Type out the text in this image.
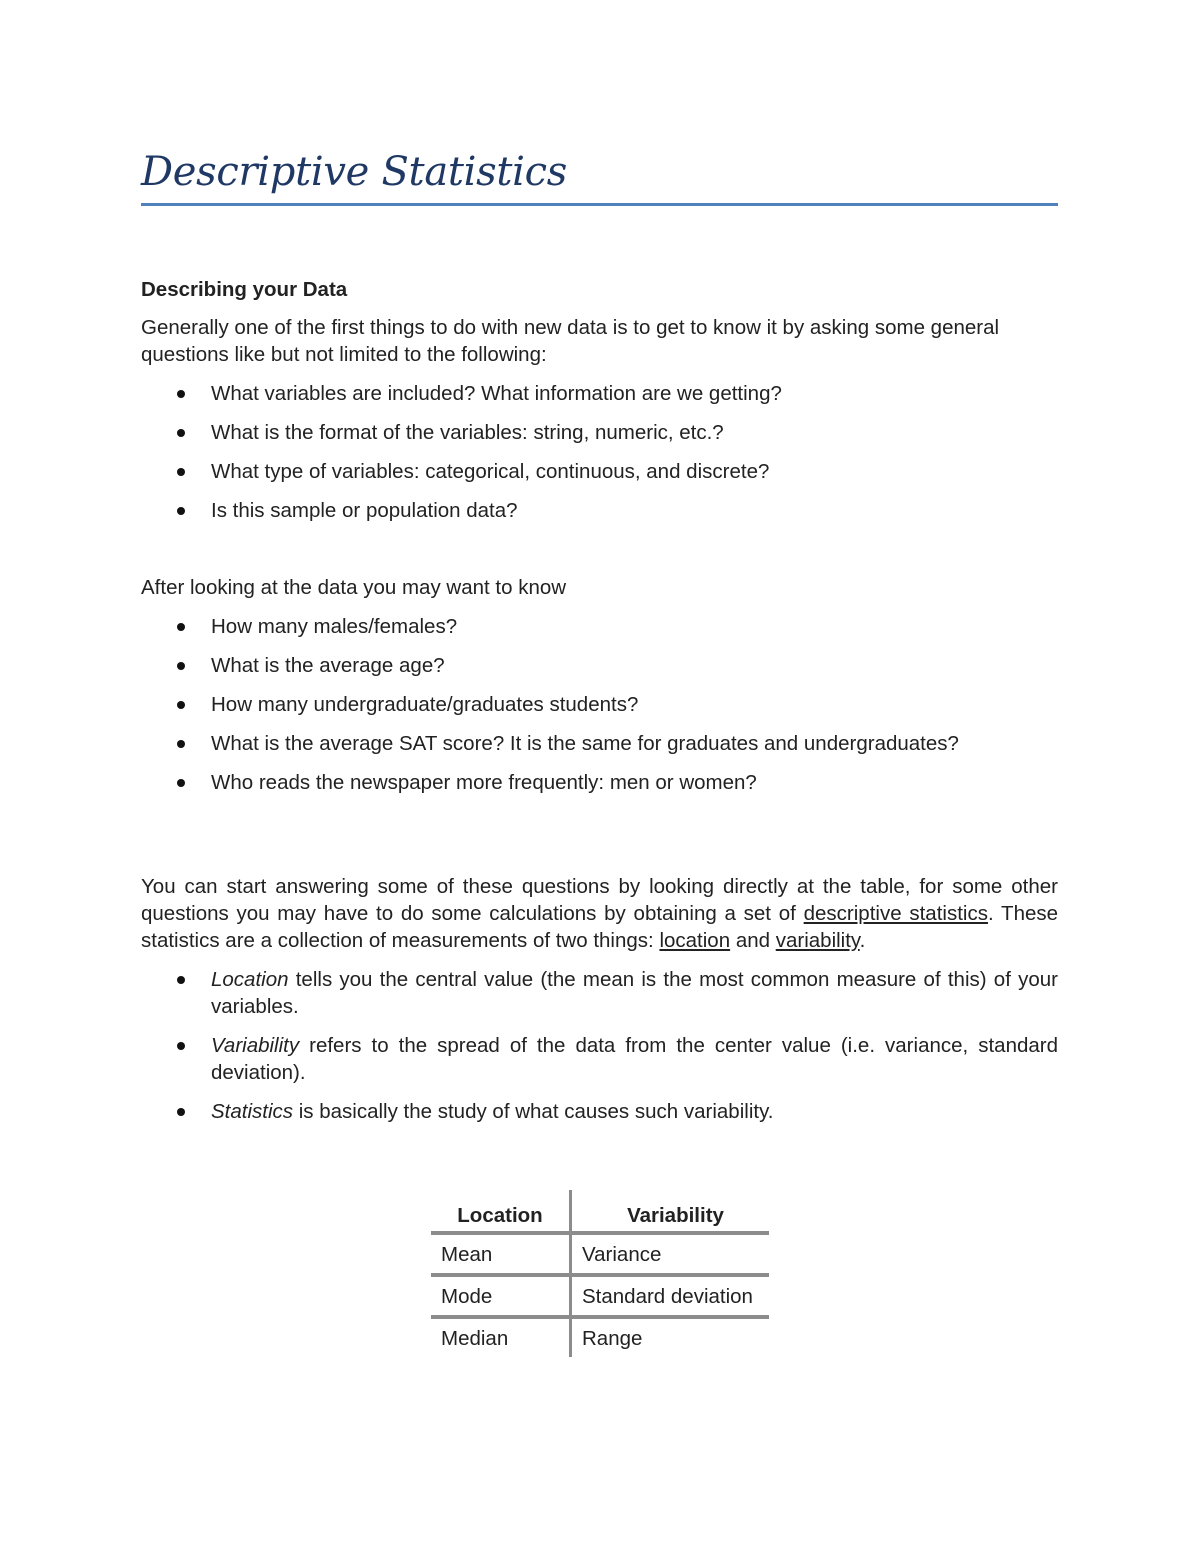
Descriptive Statistics
Describing your Data

Generally one of the first things to do with new data is to get to know it by asking some general questions like but not limited to the following:

What variables are included? What information are we getting?
What is the format of the variables: string, numeric, etc.?
What type of variables: categorical, continuous, and discrete?
Is this sample or population data?

After looking at the data you may want to know

How many males/females?
What is the average age?
How many undergraduate/graduates students?
What is the average SAT score? It is the same for graduates and undergraduates?
Who reads the newspaper more frequently: men or women?

You can start answering some of these questions by looking directly at the table, for some other questions you may have to do some calculations by obtaining a set of descriptive statistics. These statistics are a collection of measurements of two things: location and variability.

Location tells you the central value (the mean is the most common measure of this) of your variables.
Variability refers to the spread of the data from the center value (i.e. variance, standard deviation).
Statistics is basically the study of what causes such variability.
Location	Variability
Mean	Variance
Mode	Standard deviation
Median	Range
